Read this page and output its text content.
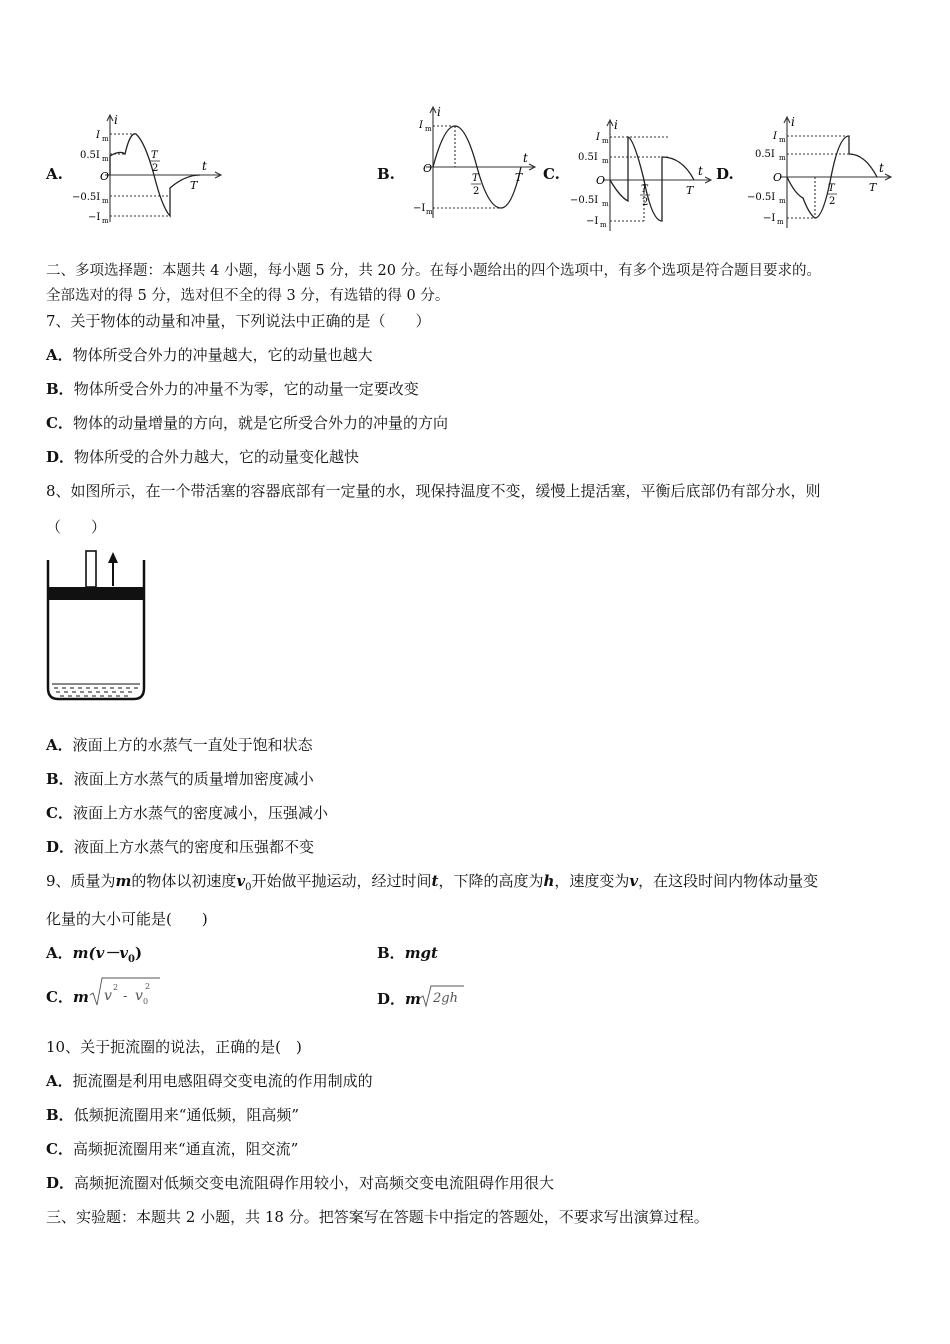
A.
i
t
O
I m
0.5I m
−0.5I m
−I m
T
2
T
B.
i
t
O
I m
−I m
T
2
T C.
i
t
O
I m
0.5I m
−0.5I m
−I m
T
2
T
D.
i
t
O
I m
0.5I m
−0.5I m
−I m
T
2
T
二、多项选择题：本题共 4 小题，每小题 5 分，共 20 分。在每小题给出的四个选项中，有多个选项是符合题目要求的。
全部选对的得 5 分，选对但不全的得 3 分，有选错的得 0 分。
7、关于物体的动量和冲量，下列说法中正确的是（　　）
A．物体所受合外力的冲量越大，它的动量也越大
B．物体所受合外力的冲量不为零，它的动量一定要改变
C．物体的动量增量的方向，就是它所受合外力的冲量的方向
D．物体所受的合外力越大，它的动量变化越快
8、如图所示，在一个带活塞的容器底部有一定量的水，现保持温度不变，缓慢上提活塞，平衡后底部仍有部分水，则
（　　）
A．液面上方的水蒸气一直处于饱和状态
B．液面上方水蒸气的质量增加密度减小
C．液面上方水蒸气的密度减小，压强减小
D．液面上方水蒸气的密度和压强都不变
9、质量为m的物体以初速度$v_0$开始做平抛运动，经过时间t，下降的高度为h，速度变为v，在这段时间内物体动量变
化量的大小可能是(　　)
A．$m(v-v_0)$	B．mgt
C．m v
2
- v 0
2
D．m 2gh
10、关于扼流圈的说法，正确的是(　)
A．扼流圈是利用电感阻碍交变电流的作用制成的
B．低频扼流圈用来“通低频，阻高频”
C．高频扼流圈用来“通直流，阻交流”
D．高频扼流圈对低频交变电流阻碍作用较小，对高频交变电流阻碍作用很大
三、实验题：本题共 2 小题，共 18 分。把答案写在答题卡中指定的答题处，不要求写出演算过程。
